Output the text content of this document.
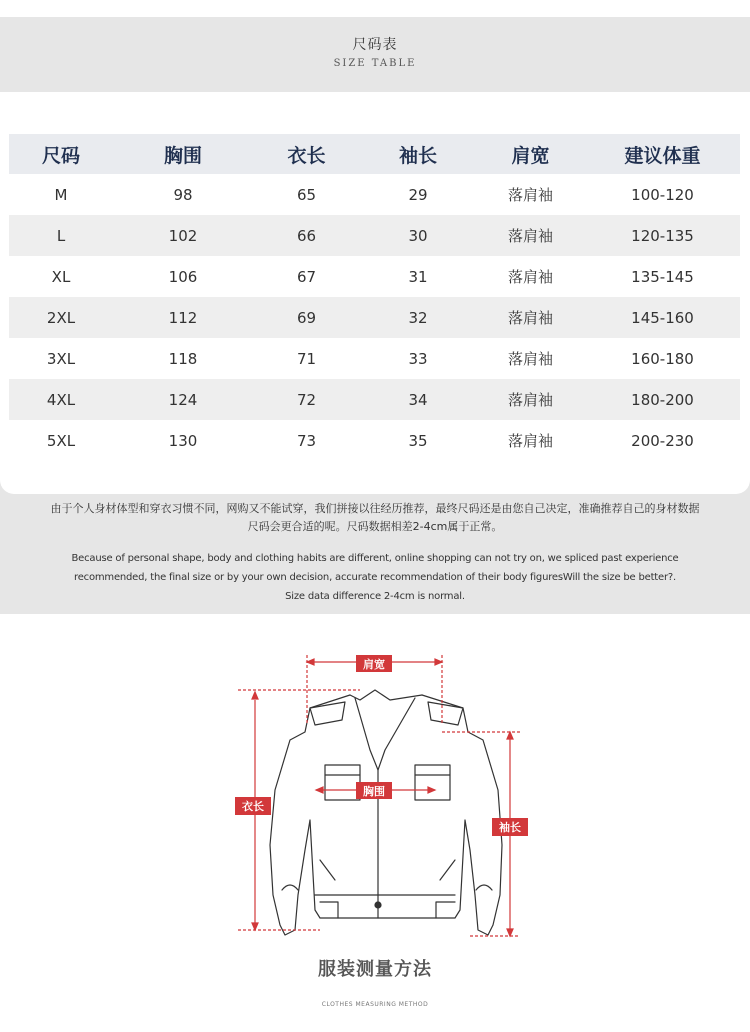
尺码表
SIZE TABLE
尺码	胸围	衣长	袖长	肩宽	建议体重
M	98	65	29	落肩袖	100-120
L	102	66	30	落肩袖	120-135
XL	106	67	31	落肩袖	135-145
2XL	112	69	32	落肩袖	145-160
3XL	118	71	33	落肩袖	160-180
4XL	124	72	34	落肩袖	180-200
5XL	130	73	35	落肩袖	200-230
由于个人身材体型和穿衣习惯不同，网购又不能试穿，我们拼接以往经历推荐，最终尺码还是由您自己决定，准确推荐自己的身材数据
尺码会更合适的呢。尺码数据相差2-4cm属于正常。
Because of personal shape, body and clothing habits are different, online shopping can not try on, we spliced past experience
recommended, the final size or by your own decision, accurate recommendation of their body figuresWill the size be better?.
Size data difference 2-4cm is normal.
肩宽
胸围
衣长
袖长
服装测量方法
CLOTHES MEASURING METHOD
